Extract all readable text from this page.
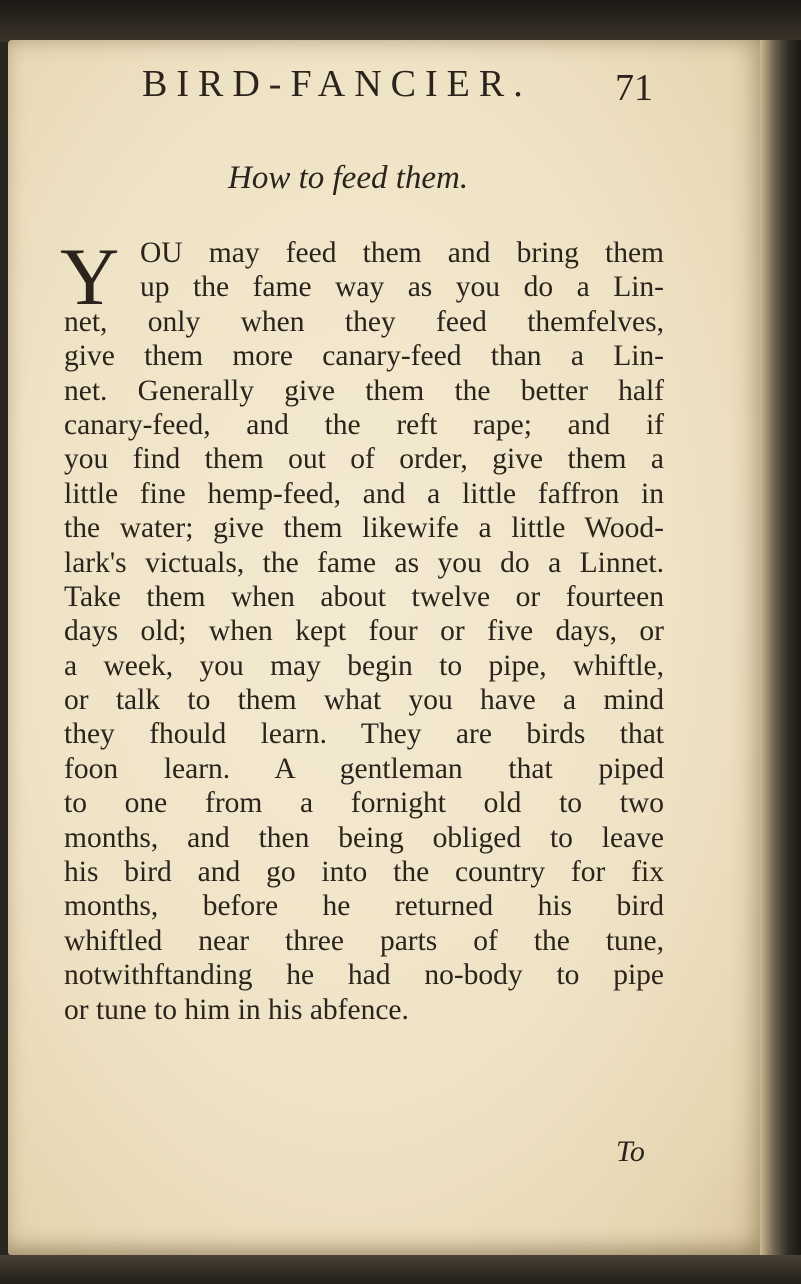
BIRD-FANCIER. 71
How to feed them.
Y OU may feed them and bring them
up the fame way as you do a Lin-
net, only when they feed themfelves,
give them more canary-feed than a Lin-
net. Generally give them the better half
canary-feed, and the reft rape; and if
you find them out of order, give them a
little fine hemp-feed, and a little faffron in
the water; give them likewife a little Wood-
lark's victuals, the fame as you do a Linnet.
Take them when about twelve or fourteen
days old; when kept four or five days, or
a week, you may begin to pipe, whiftle,
or talk to them what you have a mind
they fhould learn. They are birds that
foon learn. A gentleman that piped
to one from a fornight old to two
months, and then being obliged to leave
his bird and go into the country for fix
months, before he returned his bird
whiftled near three parts of the tune,
notwithftanding he had no-body to pipe
or tune to him in his abfence.
To
